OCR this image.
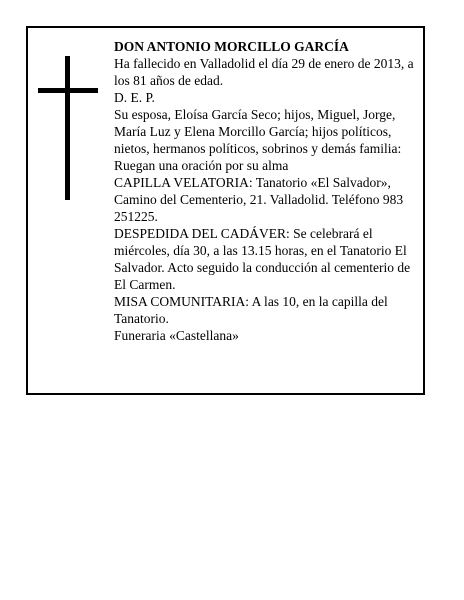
DON ANTONIO MORCILLO GARCÍA

Ha fallecido en Valladolid el día 29 de enero de 2013, a los 81 años de edad.

D. E. P.

Su esposa, Eloísa García Seco; hijos, Miguel, Jorge, María Luz y Elena Morcillo García; hijos políticos, nietos, hermanos políticos, sobrinos y demás familia:

Ruegan una oración por su alma

CAPILLA VELATORIA: Tanatorio «El Salvador», Camino del Cementerio, 21. Valladolid. Teléfono 983 251225.

DESPEDIDA DEL CADÁVER: Se celebrará el miércoles, día 30, a las 13.15 horas, en el Tanatorio El Salvador. Acto seguido la conducción al cementerio de El Carmen.

MISA COMUNITARIA: A las 10, en la capilla del Tanatorio.

Funeraria «Castellana»
